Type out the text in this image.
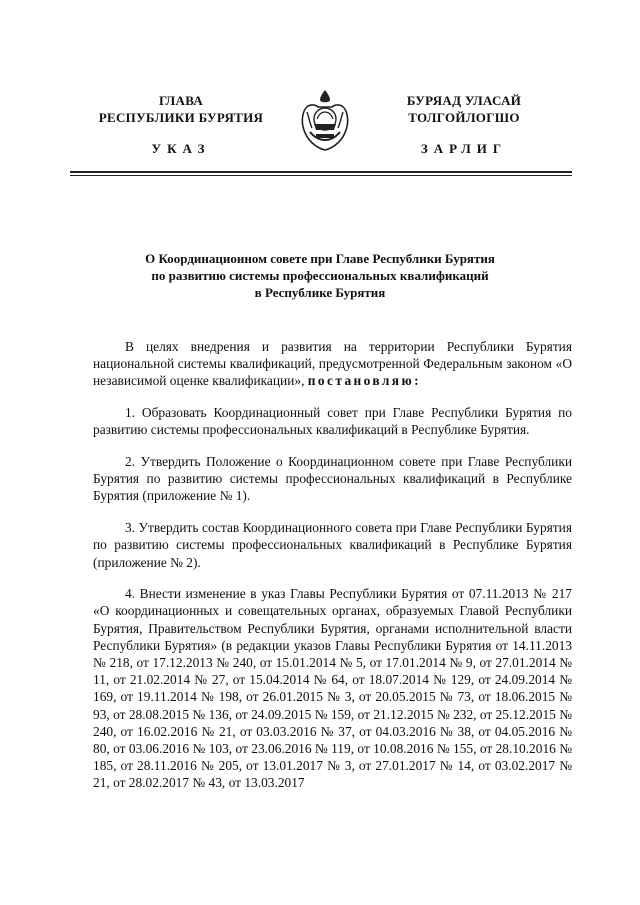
ГЛАВА
РЕСПУБЛИКИ БУРЯТИЯ
УКАЗ
БУРЯАД УЛАСАЙ
ТОЛГОЙЛОГШО
ЗАРЛИГ
О Координационном совете при Главе Республики Бурятия
по развитию системы профессиональных квалификаций
в Республике Бурятия

В целях внедрения и развития на территории Республики Бурятия национальной системы квалификаций, предусмотренной Федеральным законом «О независимой оценке квалификации», постановляю:

1. Образовать Координационный совет при Главе Республики Бурятия по развитию системы профессиональных квалификаций в Республике Бурятия.

2. Утвердить Положение о Координационном совете при Главе Республики Бурятия по развитию системы профессиональных квалификаций в Республике Бурятия (приложение № 1).

3. Утвердить состав Координационного совета при Главе Республики Бурятия по развитию системы профессиональных квалификаций в Республике Бурятия (приложение № 2).

4. Внести изменение в указ Главы Республики Бурятия от 07.11.2013 № 217 «О координационных и совещательных органах, образуемых Главой Республики Бурятия, Правительством Республики Бурятия, органами исполнительной власти Республики Бурятия» (в редакции указов Главы Республики Бурятия от 14.11.2013 № 218, от 17.12.2013 № 240, от 15.01.2014 № 5, от 17.01.2014 № 9, от 27.01.2014 № 11, от 21.02.2014 № 27, от 15.04.2014 № 64, от 18.07.2014 № 129, от 24.09.2014 № 169, от 19.11.2014 № 198, от 26.01.2015 № 3, от 20.05.2015 № 73, от 18.06.2015 № 93, от 28.08.2015 № 136, от 24.09.2015 № 159, от 21.12.2015 № 232, от 25.12.2015 № 240, от 16.02.2016 № 21, от 03.03.2016 № 37, от 04.03.2016 № 38, от 04.05.2016 № 80, от 03.06.2016 № 103, от 23.06.2016 № 119, от 10.08.2016 № 155, от 28.10.2016 № 185, от 28.11.2016 № 205, от 13.01.2017 № 3, от 27.01.2017 № 14, от 03.02.2017 № 21, от 28.02.2017 № 43, от 13.03.2017
